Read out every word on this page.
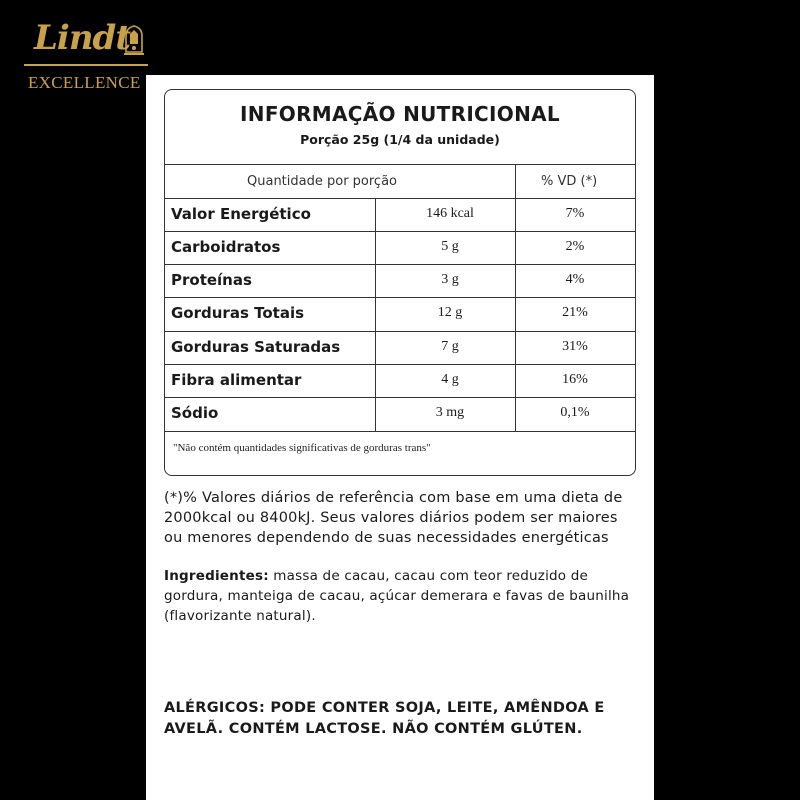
Lindt
EXCELLENCE
INFORMAÇÃO NUTRICIONAL
Porção 25g (1/4 da unidade)
Quantidade por porção	% VD (*)
Valor Energético	146 kcal	7%
Carboidratos	5 g	2%
Proteínas	3 g	4%
Gorduras Totais	12 g	21%
Gorduras Saturadas	7 g	31%
Fibra alimentar	4 g	16%
Sódio	3 mg	0,1%
"Não contém quantidades significativas de gorduras trans"
(*)% Valores diários de referência com base em uma dieta de 2000kcal ou 8400kJ. Seus valores diários podem ser maiores ou menores dependendo de suas necessidades energéticas
Ingredientes: massa de cacau, cacau com teor reduzido de gordura, manteiga de cacau, açúcar demerara e favas de baunilha (flavorizante natural).
ALÉRGICOS: PODE CONTER SOJA, LEITE, AMÊNDOA E AVELÃ. CONTÉM LACTOSE. NÃO CONTÉM GLÚTEN.
